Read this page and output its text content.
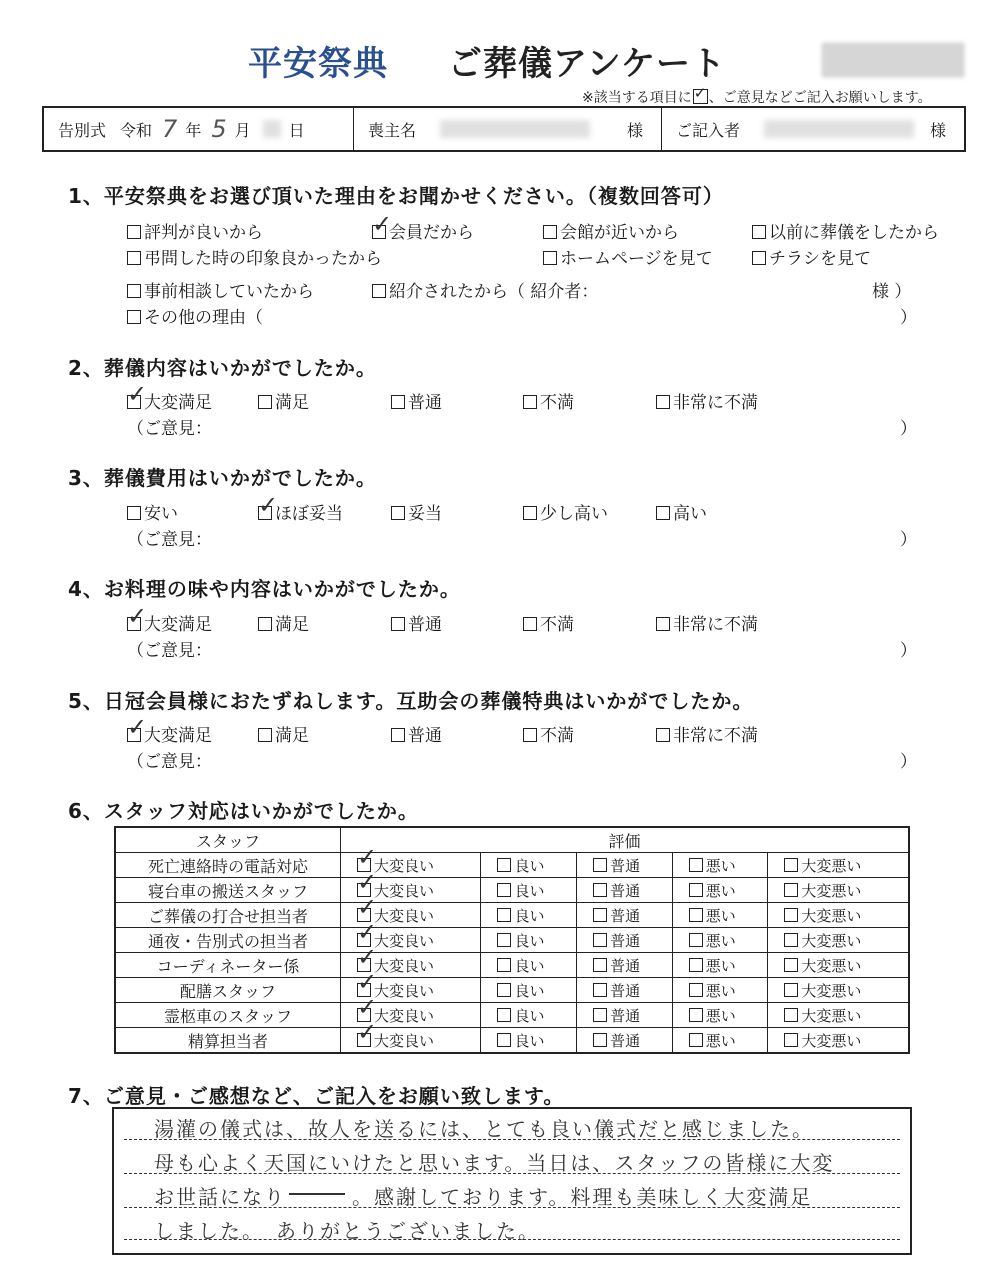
平安祭典 ご葬儀アンケート
※該当する項目に ✓ 、ご意見などご記入お願いします。
告別式 令和 7 年 5 月 日	喪主名	様 ご記入者	様
1、平安祭典をお選び頂いた理由をお聞かせください。（複数回答可）
評判が良いから ✓	会員だから	会館が近いから	以前に葬儀をしたから
弔問した時の印象良かったから	ホームページを見て	チラシを見て
事前相談していたから	紹介されたから（ 紹介者：	様 ）
その他の理由（	）
2、葬儀内容はいかがでしたか。
✓大変満足	満足	普通	不満	非常に不満
（ご意見：	）
3、葬儀費用はいかがでしたか。
安い ✓	ほぼ妥当	妥当	少し高い	高い
（ご意見：	）
4、お料理の味や内容はいかがでしたか。
✓大変満足	満足	普通	不満	非常に不満
（ご意見：	）
5、日冠会員様におたずねします。互助会の葬儀特典はいかがでしたか。
✓大変満足	満足	普通	不満	非常に不満
（ご意見：	）
6、スタッフ対応はいかがでしたか。
スタッフ	評価				
死亡連絡時の電話対応	✓大変良い	良い	普通	悪い	大変悪い
寝台車の搬送スタッフ	✓大変良い	良い	普通	悪い	大変悪い
ご葬儀の打合せ担当者	✓大変良い	良い	普通	悪い	大変悪い
通夜・告別式の担当者	✓大変良い	良い	普通	悪い	大変悪い
コーディネーター係	✓大変良い	良い	普通	悪い	大変悪い
配膳スタッフ	✓大変良い	良い	普通	悪い	大変悪い
霊柩車のスタッフ	✓大変良い	良い	普通	悪い	大変悪い
精算担当者	✓大変良い	良い	普通	悪い	大変悪い
7、ご意見・ご感想など、ご記入をお願い致します。
湯灌の儀式は、故人を送るには、とても良い儀式だと感じました。
母も心よく天国にいけたと思います。当日は、スタッフの皆様に大変
お世話になり　　　。感謝しております。料理も美味しく大変満足
しました。　ありがとうございました。
